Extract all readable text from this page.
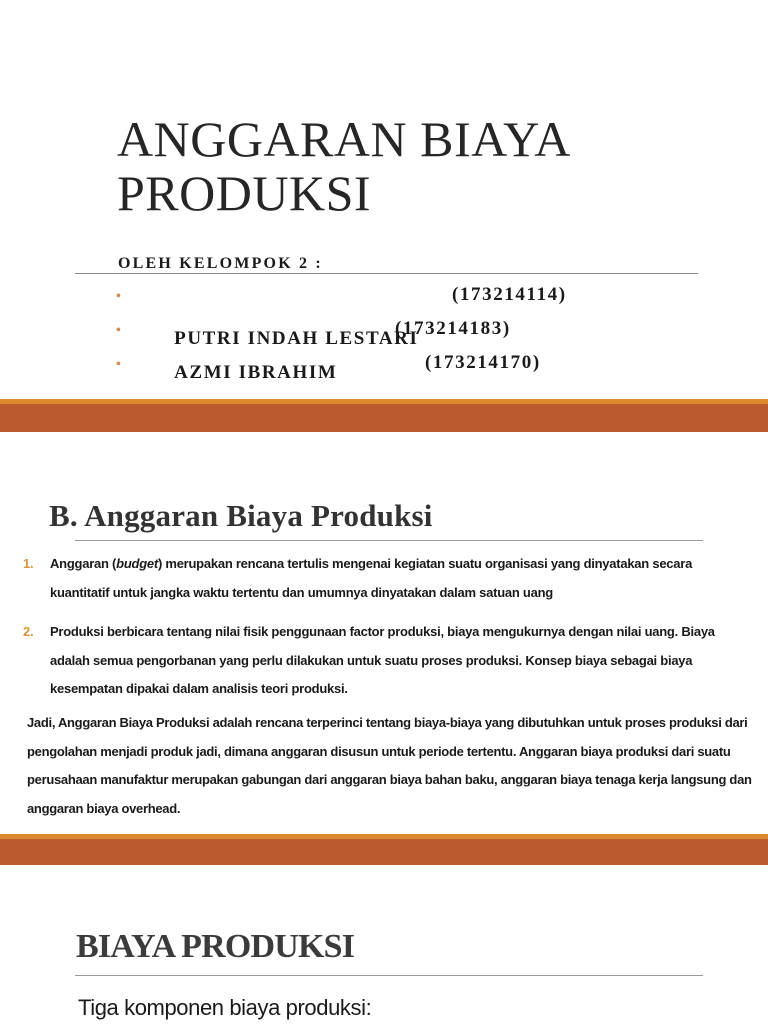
ANGGARAN BIAYA
PRODUKSI
OLEH KELOMPOK 2 :

•

PUTRI INDAH LESTARI

(173214114)

•

AZMI IBRAHIM

(173214183)

•

	(173214170)

B. Anggaran Biaya Produksi
1. Anggaran (budget) merupakan rencana tertulis mengenai kegiatan suatu organisasi yang dinyatakan secara kuantitatif untuk jangka waktu tertentu dan umumnya dinyatakan dalam satuan uang
2. Produksi berbicara tentang nilai fisik penggunaan factor produksi, biaya mengukurnya dengan nilai uang. Biaya adalah semua pengorbanan yang perlu dilakukan untuk suatu proses produksi. Konsep biaya sebagai biaya kesempatan dipakai dalam analisis teori produksi.

Jadi, Anggaran Biaya Produksi adalah rencana terperinci tentang biaya-biaya yang dibutuhkan untuk proses produksi dari pengolahan menjadi produk jadi, dimana anggaran disusun untuk periode tertentu. Anggaran biaya produksi dari suatu perusahaan manufaktur merupakan gabungan dari anggaran biaya bahan baku, anggaran biaya tenaga kerja langsung dan anggaran biaya overhead.

BIAYA PRODUKSI

Tiga komponen biaya produksi:
